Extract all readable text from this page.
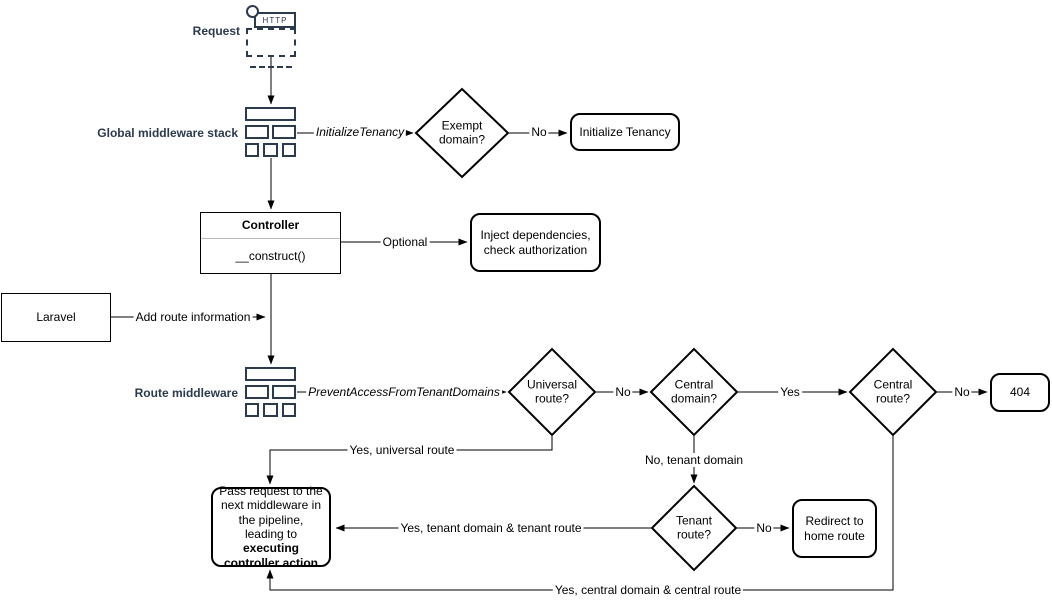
HTTP
Request
Global middleware stack
Exempt domain?
Initialize Tenancy
Controller
__construct()
Inject dependencies, check authorization
Laravel
Route middleware
Universal route?
Central domain?
Central route?
Tenant route?
404
Pass request to the next middleware in the pipeline, leading to executing controller action
Redirect to home route
InitializeTenancy	No
Optional
Add route information
PreventAccessFromTenantDomains	No	Yes	No
Yes, universal route
No, tenant domain
No
Yes, tenant domain & tenant route
Yes, central domain & central route
